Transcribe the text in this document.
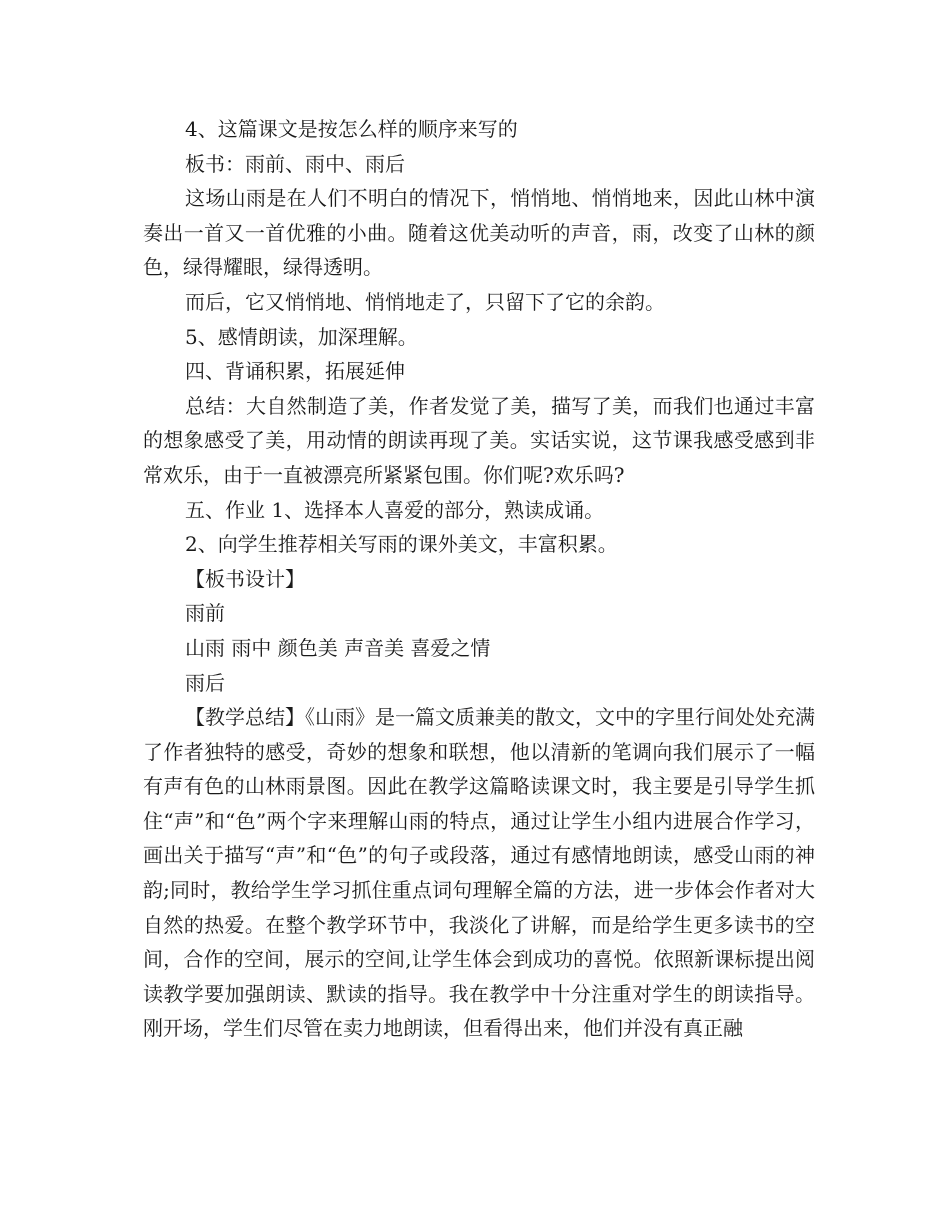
4、这篇课文是按怎么样的顺序来写的

板书：雨前、雨中、雨后

这场山雨是在人们不明白的情况下，悄悄地、悄悄地来，因此山林中演奏出一首又一首优雅的小曲。随着这优美动听的声音，雨，改变了山林的颜色，绿得耀眼，绿得透明。

而后，它又悄悄地、悄悄地走了，只留下了它的余韵。

5、感情朗读，加深理解。

四、背诵积累，拓展延伸

总结：大自然制造了美，作者发觉了美，描写了美，而我们也通过丰富的想象感受了美，用动情的朗读再现了美。实话实说，这节课我感受感到非常欢乐，由于一直被漂亮所紧紧包围。你们呢?欢乐吗?

五、作业 1、选择本人喜爱的部分，熟读成诵。

2、向学生推荐相关写雨的课外美文，丰富积累。

【板书设计】

雨前

山雨 雨中 颜色美 声音美 喜爱之情

雨后

【教学总结】《山雨》是一篇文质兼美的散文，文中的字里行间处处充满了作者独特的感受，奇妙的想象和联想，他以清新的笔调向我们展示了一幅有声有色的山林雨景图。因此在教学这篇略读课文时，我主要是引导学生抓住“声”和“色”两个字来理解山雨的特点，通过让学生小组内进展合作学习，画出关于描写“声”和“色”的句子或段落，通过有感情地朗读，感受山雨的神韵;同时，教给学生学习抓住重点词句理解全篇的方法，进一步体会作者对大自然的热爱。在整个教学环节中，我淡化了讲解，而是给学生更多读书的空间，合作的空间，展示的空间,让学生体会到成功的喜悦。依照新课标提出阅读教学要加强朗读、默读的指导。我在教学中十分注重对学生的朗读指导。刚开场，学生们尽管在卖力地朗读，但看得出来，他们并没有真正融
